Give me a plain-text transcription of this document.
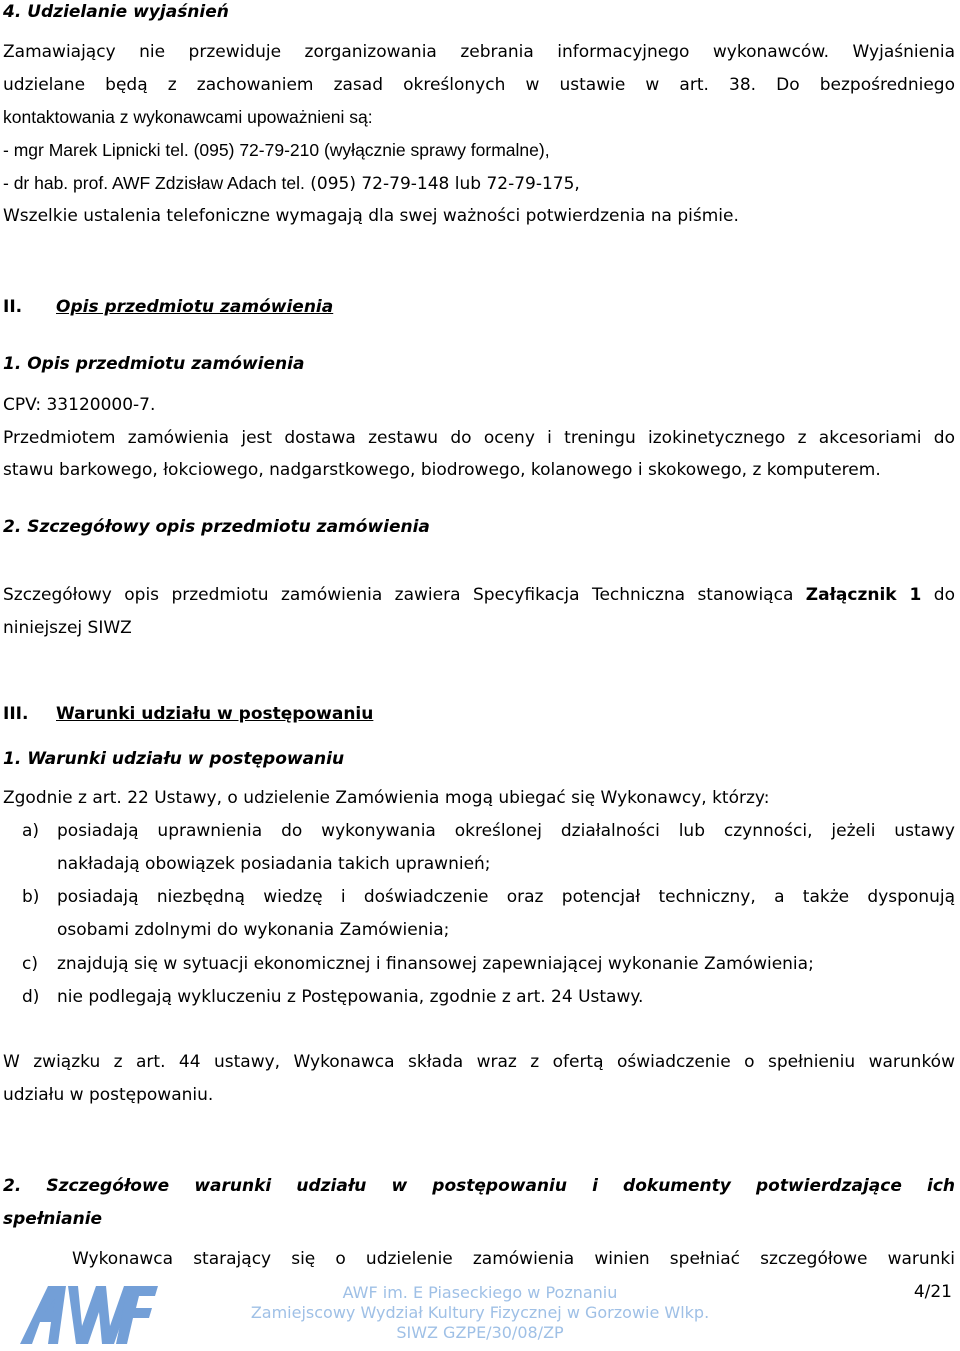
4. Udzielanie wyjaśnień
Zamawiający nie przewiduje zorganizowania zebrania informacyjnego wykonawców. Wyjaśnienia
udzielane będą z zachowaniem zasad określonych w ustawie w art. 38. Do bezpośredniego
kontaktowania z wykonawcami upoważnieni są:
- mgr Marek Lipnicki tel. (095) 72-79-210 (wyłącznie sprawy formalne),
- dr hab. prof. AWF Zdzisław Adach tel. (095) 72-79-148 lub 72-79-175,
Wszelkie ustalenia telefoniczne wymagają dla swej ważności potwierdzenia na piśmie.
II. Opis przedmiotu zamówienia
1. Opis przedmiotu zamówienia
CPV: 33120000-7.
Przedmiotem zamówienia jest dostawa zestawu do oceny i treningu izokinetycznego z akcesoriami do
stawu barkowego, łokciowego, nadgarstkowego, biodrowego, kolanowego i skokowego, z komputerem.
2. Szczegółowy opis przedmiotu zamówienia
Szczegółowy opis przedmiotu zamówienia zawiera Specyfikacja Techniczna stanowiąca Załącznik 1 do
niniejszej SIWZ
III. Warunki udziału w postępowaniu
1. Warunki udziału w postępowaniu
Zgodnie z art. 22 Ustawy, o udzielenie Zamówienia mogą ubiegać się Wykonawcy, którzy:
a) posiadają uprawnienia do wykonywania określonej działalności lub czynności, jeżeli ustawy
nakładają obowiązek posiadania takich uprawnień;
b) posiadają niezbędną wiedzę i doświadczenie oraz potencjał techniczny, a także dysponują
osobami zdolnymi do wykonania Zamówienia;
c) znajdują się w sytuacji ekonomicznej i finansowej zapewniającej wykonanie Zamówienia;
d) nie podlegają wykluczeniu z Postępowania, zgodnie z art. 24 Ustawy.
W związku z art. 44 ustawy, Wykonawca składa wraz z ofertą oświadczenie o spełnieniu warunków
udziału w postępowaniu.
2. Szczegółowe warunki udziału w postępowaniu i dokumenty potwierdzające ich
spełnianie
Wykonawca starający się o udzielenie zamówienia winien spełniać szczegółowe warunki
AWF im. E Piaseckiego w Poznaniu
Zamiejscowy Wydział Kultury Fizycznej w Gorzowie Wlkp.
SIWZ GZPE/30/08/ZP
4/21
